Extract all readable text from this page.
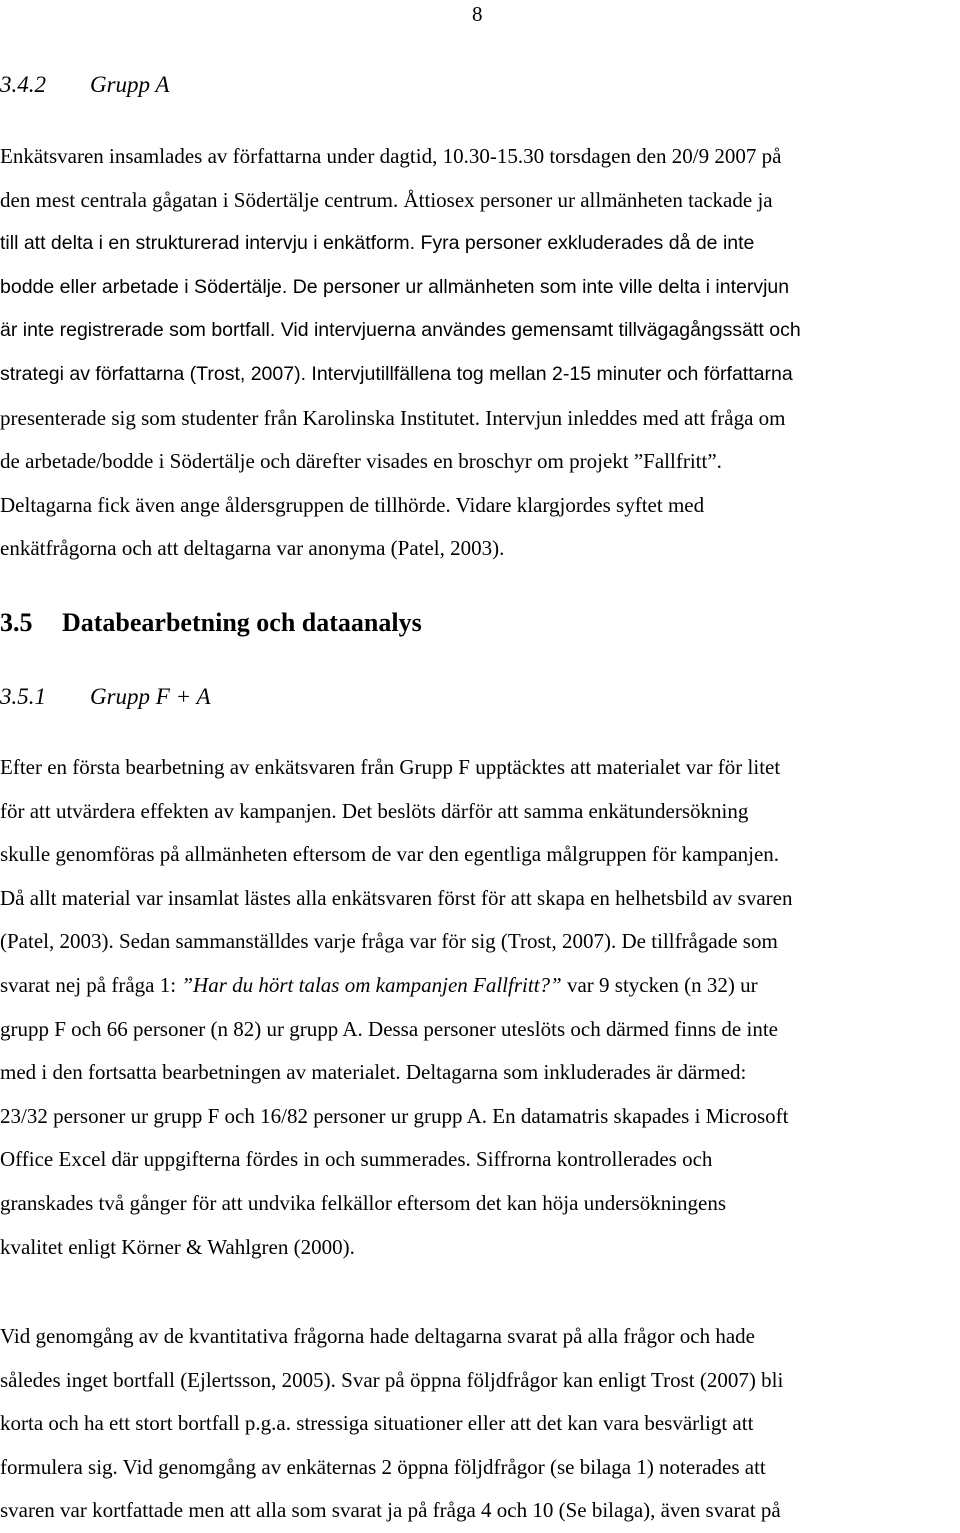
8
3.4.2 Grupp A

Enkätsvaren insamlades av författarna under dagtid, 10.30-15.30 torsdagen den 20/9 2007 på

den mest centrala gågatan i Södertälje centrum. Åttiosex personer ur allmänheten tackade ja

till att delta i en strukturerad intervju i enkätform. Fyra personer exkluderades då de inte

bodde eller arbetade i Södertälje. De personer ur allmänheten som inte ville delta i intervjun

är inte registrerade som bortfall. Vid intervjuerna användes gemensamt tillvägagångssätt och

strategi av författarna (Trost, 2007). Intervjutillfällena tog mellan 2-15 minuter och författarna

presenterade sig som studenter från Karolinska Institutet. Intervjun inleddes med att fråga om

de arbetade/bodde i Södertälje och därefter visades en broschyr om projekt ”Fallfritt”.

Deltagarna fick även ange åldersgruppen de tillhörde. Vidare klargjordes syftet med

enkätfrågorna och att deltagarna var anonyma (Patel, 2003).

3.5 Databearbetning och dataanalys
3.5.1 Grupp F + A

Efter en första bearbetning av enkätsvaren från Grupp F upptäcktes att materialet var för litet

för att utvärdera effekten av kampanjen. Det beslöts därför att samma enkätundersökning

skulle genomföras på allmänheten eftersom de var den egentliga målgruppen för kampanjen.

Då allt material var insamlat lästes alla enkätsvaren först för att skapa en helhetsbild av svaren

(Patel, 2003). Sedan sammanställdes varje fråga var för sig (Trost, 2007). De tillfrågade som

svarat nej på fråga 1: ”Har du hört talas om kampanjen Fallfritt?” var 9 stycken (n 32) ur

grupp F och 66 personer (n 82) ur grupp A. Dessa personer uteslöts och därmed finns de inte

med i den fortsatta bearbetningen av materialet. Deltagarna som inkluderades är därmed:

23/32 personer ur grupp F och 16/82 personer ur grupp A. En datamatris skapades i Microsoft

Office Excel där uppgifterna fördes in och summerades. Siffrorna kontrollerades och

granskades två gånger för att undvika felkällor eftersom det kan höja undersökningens

kvalitet enligt Körner & Wahlgren (2000).

Vid genomgång av de kvantitativa frågorna hade deltagarna svarat på alla frågor och hade

således inget bortfall (Ejlertsson, 2005). Svar på öppna följdfrågor kan enligt Trost (2007) bli

korta och ha ett stort bortfall p.g.a. stressiga situationer eller att det kan vara besvärligt att

formulera sig. Vid genomgång av enkäternas 2 öppna följdfrågor (se bilaga 1) noterades att

svaren var kortfattade men att alla som svarat ja på fråga 4 och 10 (Se bilaga), även svarat på
